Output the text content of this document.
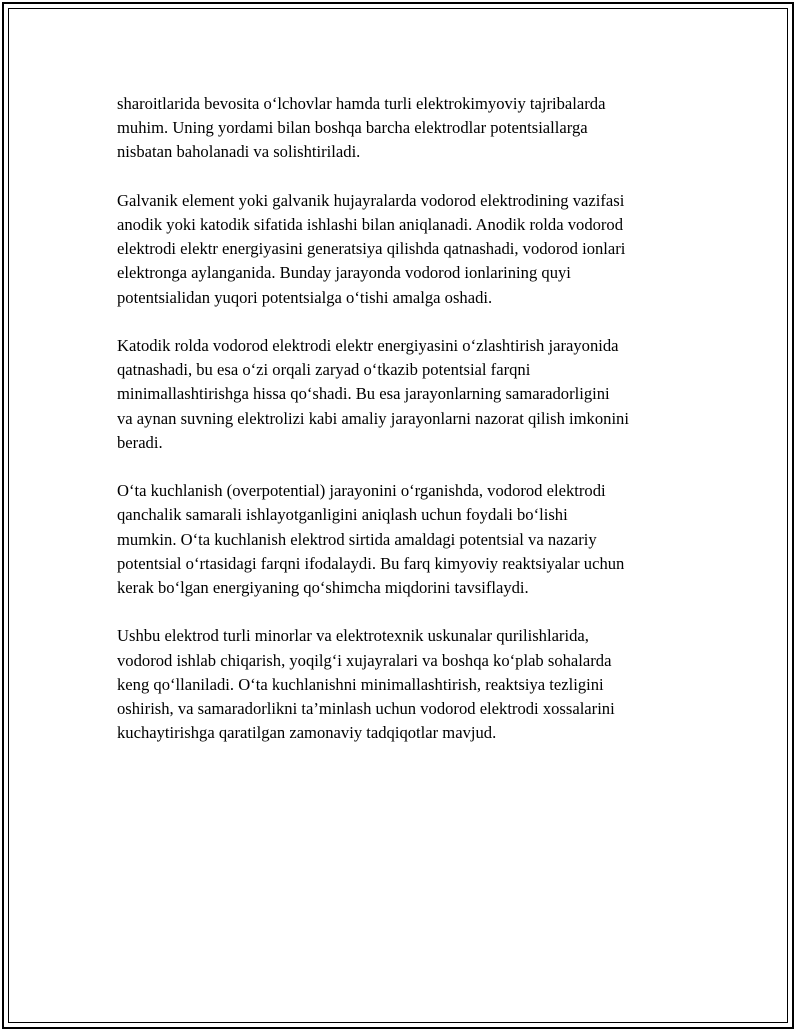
sharoitlarida bevosita o‘lchovlar hamda turli elektrokimyoviy tajribalarda
muhim. Uning yordami bilan boshqa barcha elektrodlar potentsiallarga
nisbatan baholanadi va solishtiriladi.

Galvanik element yoki galvanik hujayralarda vodorod elektrodining vazifasi
anodik yoki katodik sifatida ishlashi bilan aniqlanadi. Anodik rolda vodorod
elektrodi elektr energiyasini generatsiya qilishda qatnashadi, vodorod ionlari
elektronga aylanganida. Bunday jarayonda vodorod ionlarining quyi
potentsialidan yuqori potentsialga o‘tishi amalga oshadi.

Katodik rolda vodorod elektrodi elektr energiyasini o‘zlashtirish jarayonida
qatnashadi, bu esa o‘zi orqali zaryad o‘tkazib potentsial farqni
minimallashtirishga hissa qo‘shadi. Bu esa jarayonlarning samaradorligini
va aynan suvning elektrolizi kabi amaliy jarayonlarni nazorat qilish imkonini
beradi.

O‘ta kuchlanish (overpotential) jarayonini o‘rganishda, vodorod elektrodi
qanchalik samarali ishlayotganligini aniqlash uchun foydali bo‘lishi
mumkin. O‘ta kuchlanish elektrod sirtida amaldagi potentsial va nazariy
potentsial o‘rtasidagi farqni ifodalaydi. Bu farq kimyoviy reaktsiyalar uchun
kerak bo‘lgan energiyaning qo‘shimcha miqdorini tavsiflaydi.

Ushbu elektrod turli minorlar va elektrotexnik uskunalar qurilishlarida,
vodorod ishlab chiqarish, yoqilg‘i xujayralari va boshqa ko‘plab sohalarda
keng qo‘llaniladi. O‘ta kuchlanishni minimallashtirish, reaktsiya tezligini
oshirish, va samaradorlikni ta’minlash uchun vodorod elektrodi xossalarini
kuchaytirishga qaratilgan zamonaviy tadqiqotlar mavjud.
